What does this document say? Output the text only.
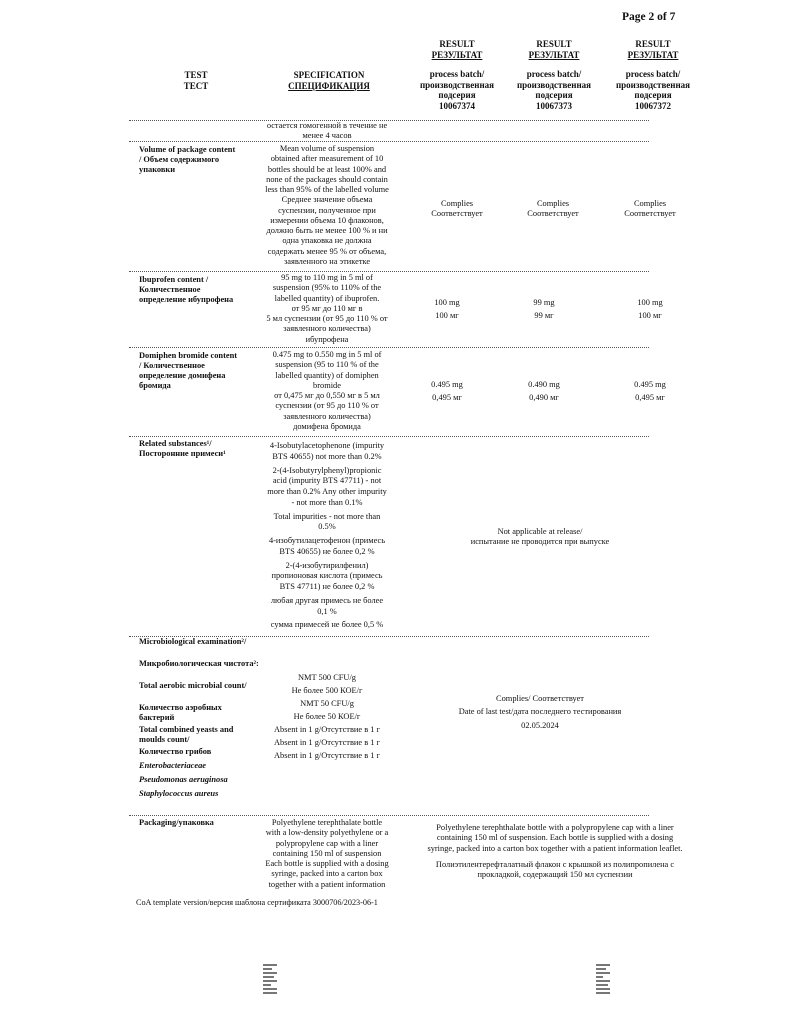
Page 2 of 7
TEST
ТЕСТ
SPECIFICATION
СПЕЦИФИКАЦИЯ
RESULT
РЕЗУЛЬТАТ
process batch/
производственная
подсерия
10067374
RESULT
РЕЗУЛЬТАТ
process batch/
производственная
подсерия
10067373
RESULT
РЕЗУЛЬТАТ
process batch/
производственная
подсерия
10067372
остается гомогенной в течение не
менее 4 часов
Volume of package content
/ Объем содержимого
упаковки
Mean volume of suspension
obtained after measurement of 10
bottles should be at least 100% and
none of the packages should contain
less than 95% of the labelled volume
Среднее значение объема
суспензии, полученное при
измерении объема 10 флаконов,
должно быть не менее 100 % и ни
одна упаковка не должна
содержать менее 95 % от объема,
заявленного на этикетке
Complies
Соответствует
Complies
Соответствует
Complies
Соответствует
Ibuprofen content /
Количественное
определение ибупрофена
95 mg to 110 mg in 5 ml of
suspension (95% to 110% of the
labelled quantity) of ibuprofen.
от 95 мг до 110 мг в
5 мл суспензии (от 95 до 110 % от
заявленного количества)
ибупрофена
100 mg
100 мг
99 mg
99 мг
100 mg
100 мг
Domiphen bromide content
/ Количественное
определение домифена
бромида
0.475 mg to 0.550 mg in 5 ml of
suspension (95 to 110 % of the
labelled quantity) of domiphen
bromide
от 0,475 мг до 0,550 мг в 5 мл
суспензии (от 95 до 110 % от
заявленного количества)
домифена бромида
0.495 mg
0,495 мг
0.490 mg
0,490 мг
0.495 mg
0,495 мг
Related substances¹/
Посторонние примеси¹
4-Isobutylacetophenone (impurity
BTS 40655) not more than 0.2%
2-(4-Isobutyrylphenyl)propionic
acid (impurity BTS 47711) - not
more than 0.2% Any other impurity
- not more than 0.1%
Total impurities - not more than
0.5%
4-изобутилацетофенон (примесь
BTS 40655) не более 0,2 %
2-(4-изобутирилфенил)
пропионовая кислота (примесь
BTS 47711) не более 0,2 %
любая другая примесь не более
0,1 %
сумма примесей не более 0,5 %
Not applicable at release/
испытание не проводится при выпуске
Microbiological examination²/
Микробиологическая чистота²:
Total aerobic microbial count/
Количество аэробных бактерий
Total combined yeasts and moulds count/
Количество грибов
Enterobacteriaceae
Pseudomonas aeruginosa
Staphylococcus aureus
NMT 500 CFU/g
Не более 500 КОЕ/г
NMT 50 CFU/g
Не более 50 КОЕ/г
Absent in 1 g/Отсутствие в 1 г
Absent in 1 g/Отсутствие в 1 г
Absent in 1 g/Отсутствие в 1 г
Complies/ Соответствует
Date of last test/дата последнего тестирования
02.05.2024
Packaging/упаковка	Polyethylene terephthalate bottle
with a low-density polyethylene or a
polypropylene cap with a liner
containing 150 ml of suspension
Each bottle is supplied with a dosing
syringe, packed into a carton box
together with a patient information
Polyethylene terephthalate bottle with a polypropylene cap with a liner
containing 150 ml of suspension. Each bottle is supplied with a dosing
syringe, packed into a carton box together with a patient information leaflet.
Полиэтилентерефталатный флакон с крышкой из полипропилена с
прокладкой, содержащий 150 мл суспензии
CoA template version/версия шаблона сертификата 3000706/2023-06-1
